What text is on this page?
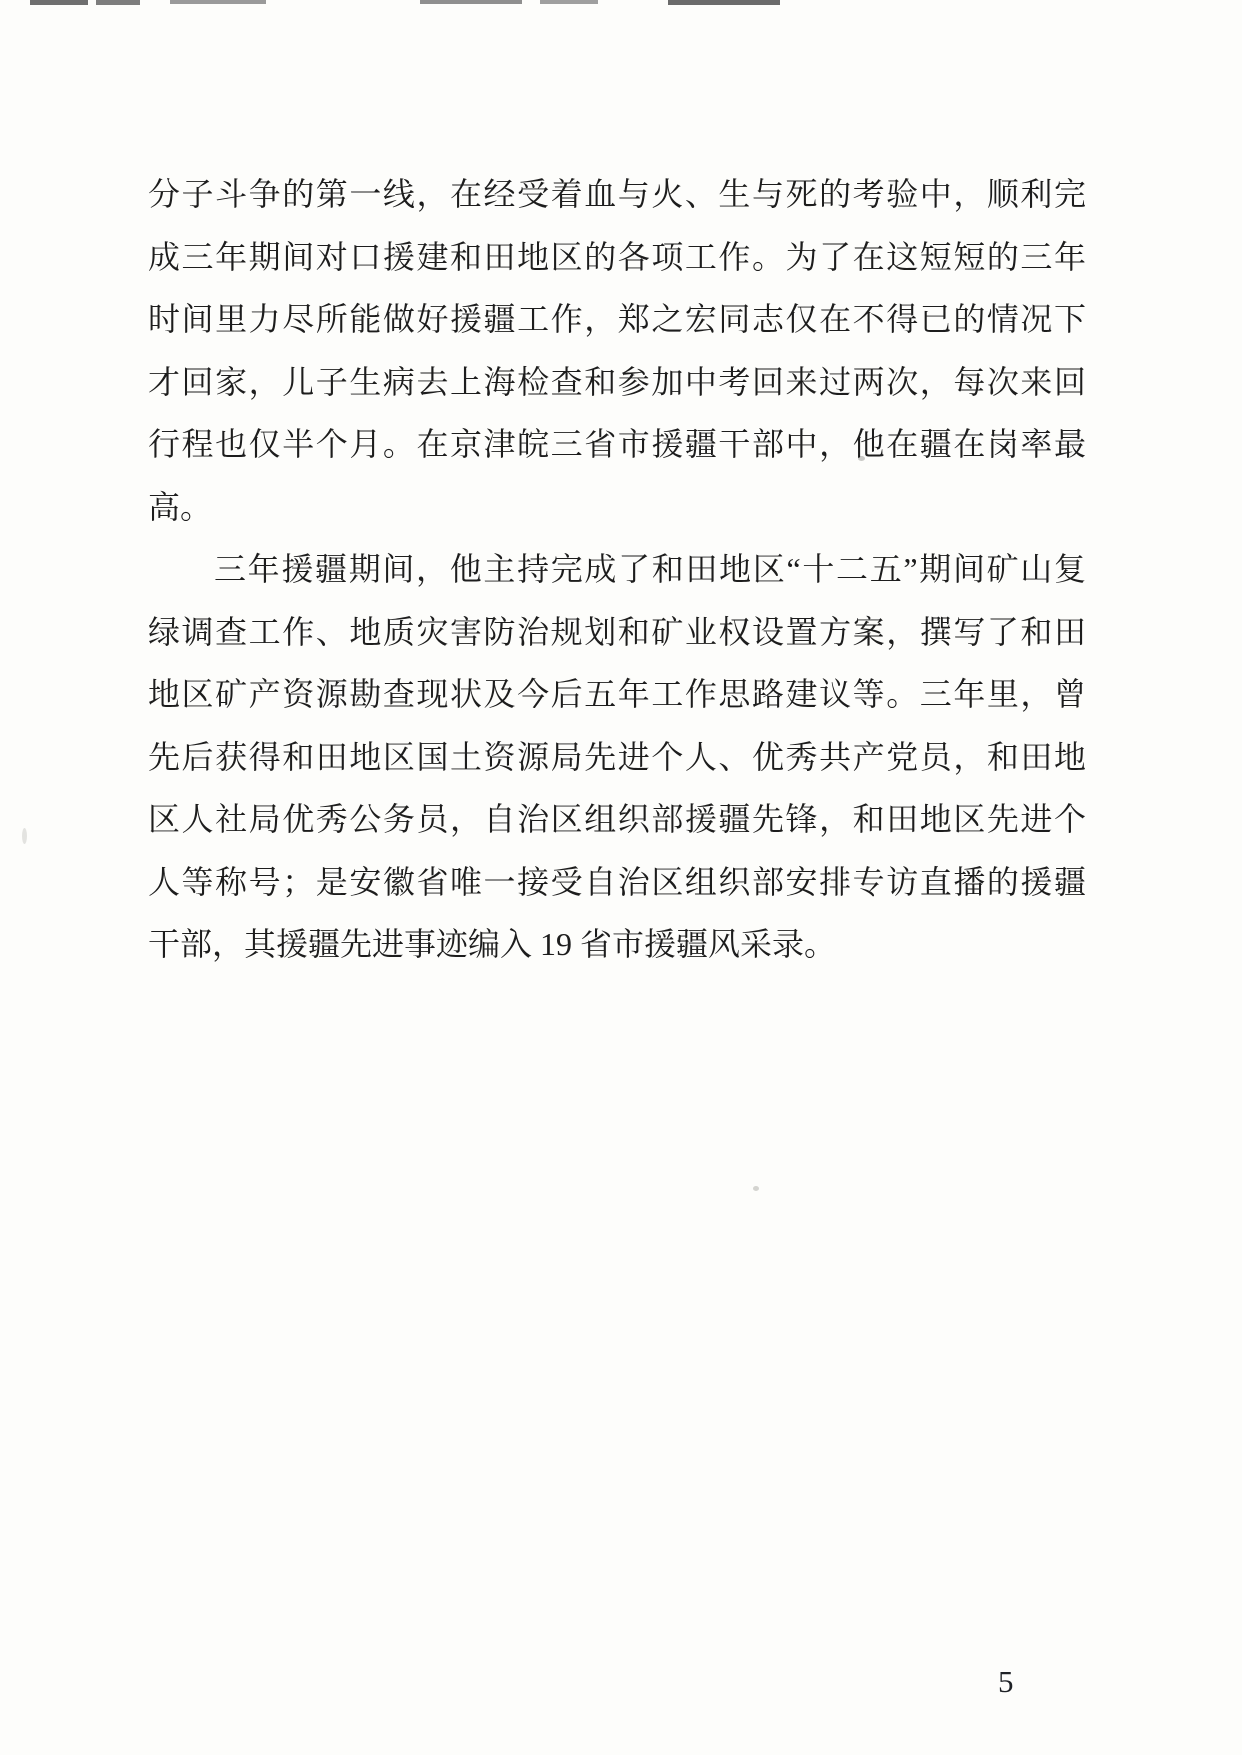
分子斗争的第一线，在经受着血与火、生与死的考验中，顺利完
成三年期间对口援建和田地区的各项工作。为了在这短短的三年
时间里力尽所能做好援疆工作，郑之宏同志仅在不得已的情况下
才回家，儿子生病去上海检查和参加中考回来过两次，每次来回
行程也仅半个月。在京津皖三省市援疆干部中，他在疆在岗率最
高。
三年援疆期间，他主持完成了和田地区“十二五”期间矿山复
绿调查工作、地质灾害防治规划和矿业权设置方案，撰写了和田
地区矿产资源勘查现状及今后五年工作思路建议等。三年里，曾
先后获得和田地区国土资源局先进个人、优秀共产党员，和田地
区人社局优秀公务员，自治区组织部援疆先锋，和田地区先进个
人等称号；是安徽省唯一接受自治区组织部安排专访直播的援疆
干部，其援疆先进事迹编入 19 省市援疆风采录。
5
